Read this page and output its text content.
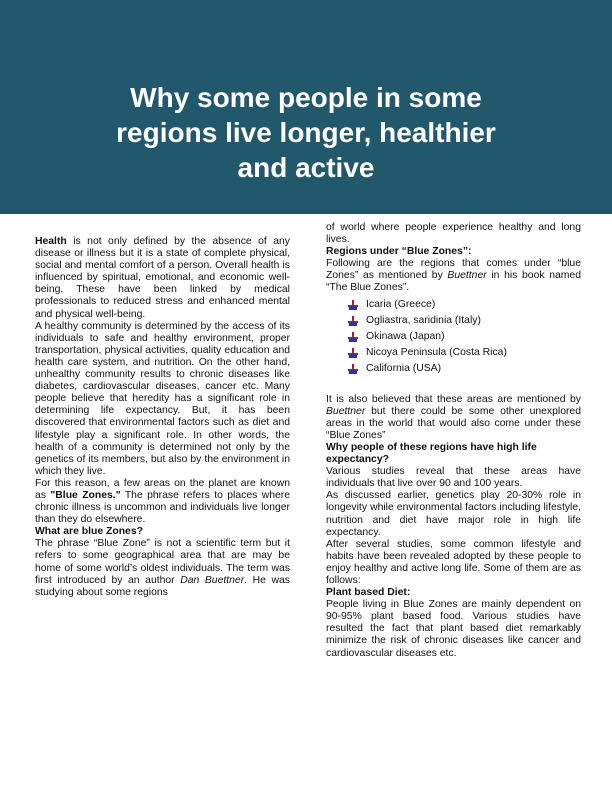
Why some people in some
regions live longer, healthier
and active

Health is not only defined by the absence of any disease or illness but it is a state of complete physical, social and mental comfort of a person. Overall health is influenced by spiritual, emotional, and economic well-being. These have been linked by medical professionals to reduced stress and enhanced mental and physical well-being.

A healthy community is determined by the access of its individuals to safe and healthy environment, proper transportation, physical activities, quality education and health care system, and nutrition. On the other hand, unhealthy community results to chronic diseases like diabetes, cardiovascular diseases, cancer etc. Many people believe that heredity has a significant role in determining life expectancy. But, it has been discovered that environmental factors such as diet and lifestyle play a significant role. In other words, the health of a community is determined not only by the genetics of its members, but also by the environment in which they live.

For this reason, a few areas on the planet are known as "Blue Zones." The phrase refers to places where chronic illness is uncommon and individuals live longer than they do elsewhere.

What are blue Zones?

The phrase “Blue Zone” is not a scientific term but it refers to some geographical area that are may be home of some world’s oldest individuals. The term was first introduced by an author Dan Buettner. He was studying about some regions

of world where people experience healthy and long lives.

Regions under “Blue Zones”:

Following are the regions that comes under “blue Zones” as mentioned by Buettner in his book named “The Blue Zones”.

Icaria (Greece)
Ogliastra, saridinia (Italy)
Okinawa (Japan)
Nicoya Peninsula (Costa Rica)
California (USA)

It is also believed that these areas are mentioned by Buettner but there could be some other unexplored areas in the world that would also come under these “Blue Zones”

Why people of these regions have high life expectancy?

Various studies reveal that these areas have individuals that live over 90 and 100 years.

As discussed earlier, genetics play 20-30% role in longevity while environmental factors including lifestyle, nutrition and diet have major role in high life expectancy.

After several studies, some common lifestyle and habits have been revealed adopted by these people to enjoy healthy and active long life. Some of them are as follows:

Plant based Diet:

People living in Blue Zones are mainly dependent on 90-95% plant based food. Various studies have resulted the fact that plant based diet remarkably minimize the risk of chronic diseases like cancer and cardiovascular diseases etc.
